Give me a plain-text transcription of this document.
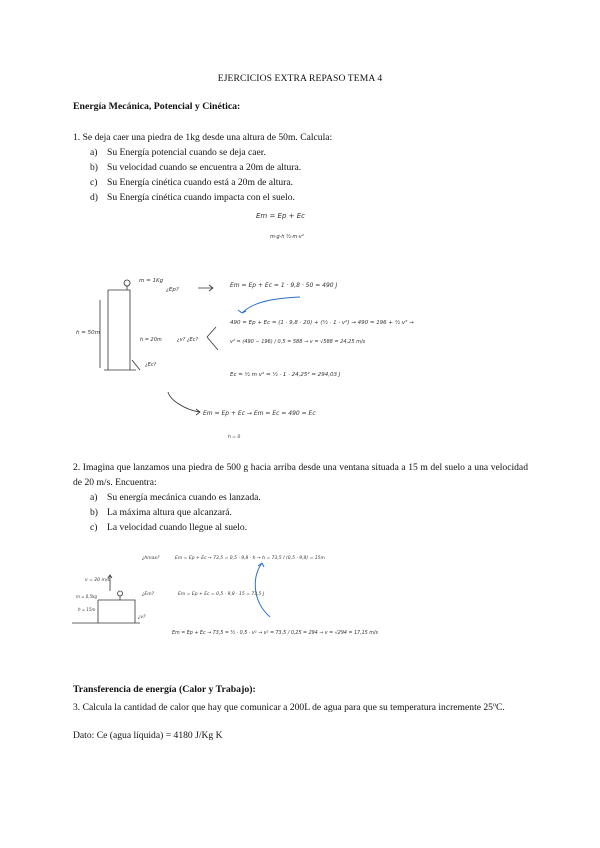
EJERCICIOS EXTRA REPASO TEMA 4
Energía Mecánica, Potencial y Cinética:
1. Se deja caer una piedra de 1kg desde una altura de 50m. Calcula:
a) Su Energía potencial cuando se deja caer.
b) Su velocidad cuando se encuentra a 20m de altura.
c) Su Energía cinética cuando está a 20m de altura.
d) Su Energía cinética cuando impacta con el suelo.
Em = Ep + Ec
m·g·h ½·m·v²
m = 1Kg
¿Ep?
h = 50m
h = 20m	¿v? ¿Ec?
¿Ec?
Em = Ep + Ec = 1 · 9,8 · 50 = 490 J
490 = Ep + Ec = (1 · 9,8 · 20) + (½ · 1 · v²) → 490 = 196 + ½ v² →
v² = (490 − 196) / 0,5 = 588 → v = √588 = 24,25 m/s
Ec = ½ m v² = ½ · 1 · 24,25² = 294,03 J
Em = Ep + Ec → Em = Ec = 490 = Ec
h = 0
2. Imagina que lanzamos una piedra de 500 g hacia arriba desde una ventana situada a 15 m del suelo a una velocidad de 20 m/s. Encuentra:
a) Su energía mecánica cuando es lanzada.
b) La máxima altura que alcanzará.
c) La velocidad cuando llegue al suelo.
v = 20 m/s
m = 0,5kg
h = 15m
¿hmax?	Em = Ep + Ec → 73,5 = 0,5 · 9,8 · h → h = 73,5 / (0,5 · 9,8) = 15m
¿Em?	Em = Ep + Ec = 0,5 · 9,8 · 15 = 73,5 J
¿v?
Em = Ep + Ec → 73,5 = ½ · 0,5 · v² → v² = 73,5 / 0,25 = 294 → v = √294 = 17,15 m/s
Transferencia de energía (Calor y Trabajo):
3. Calcula la cantidad de calor que hay que comunicar a 200L de agua para que su temperatura incremente 25ºC.
Dato: Ce (agua líquida) = 4180 J/Kg K
